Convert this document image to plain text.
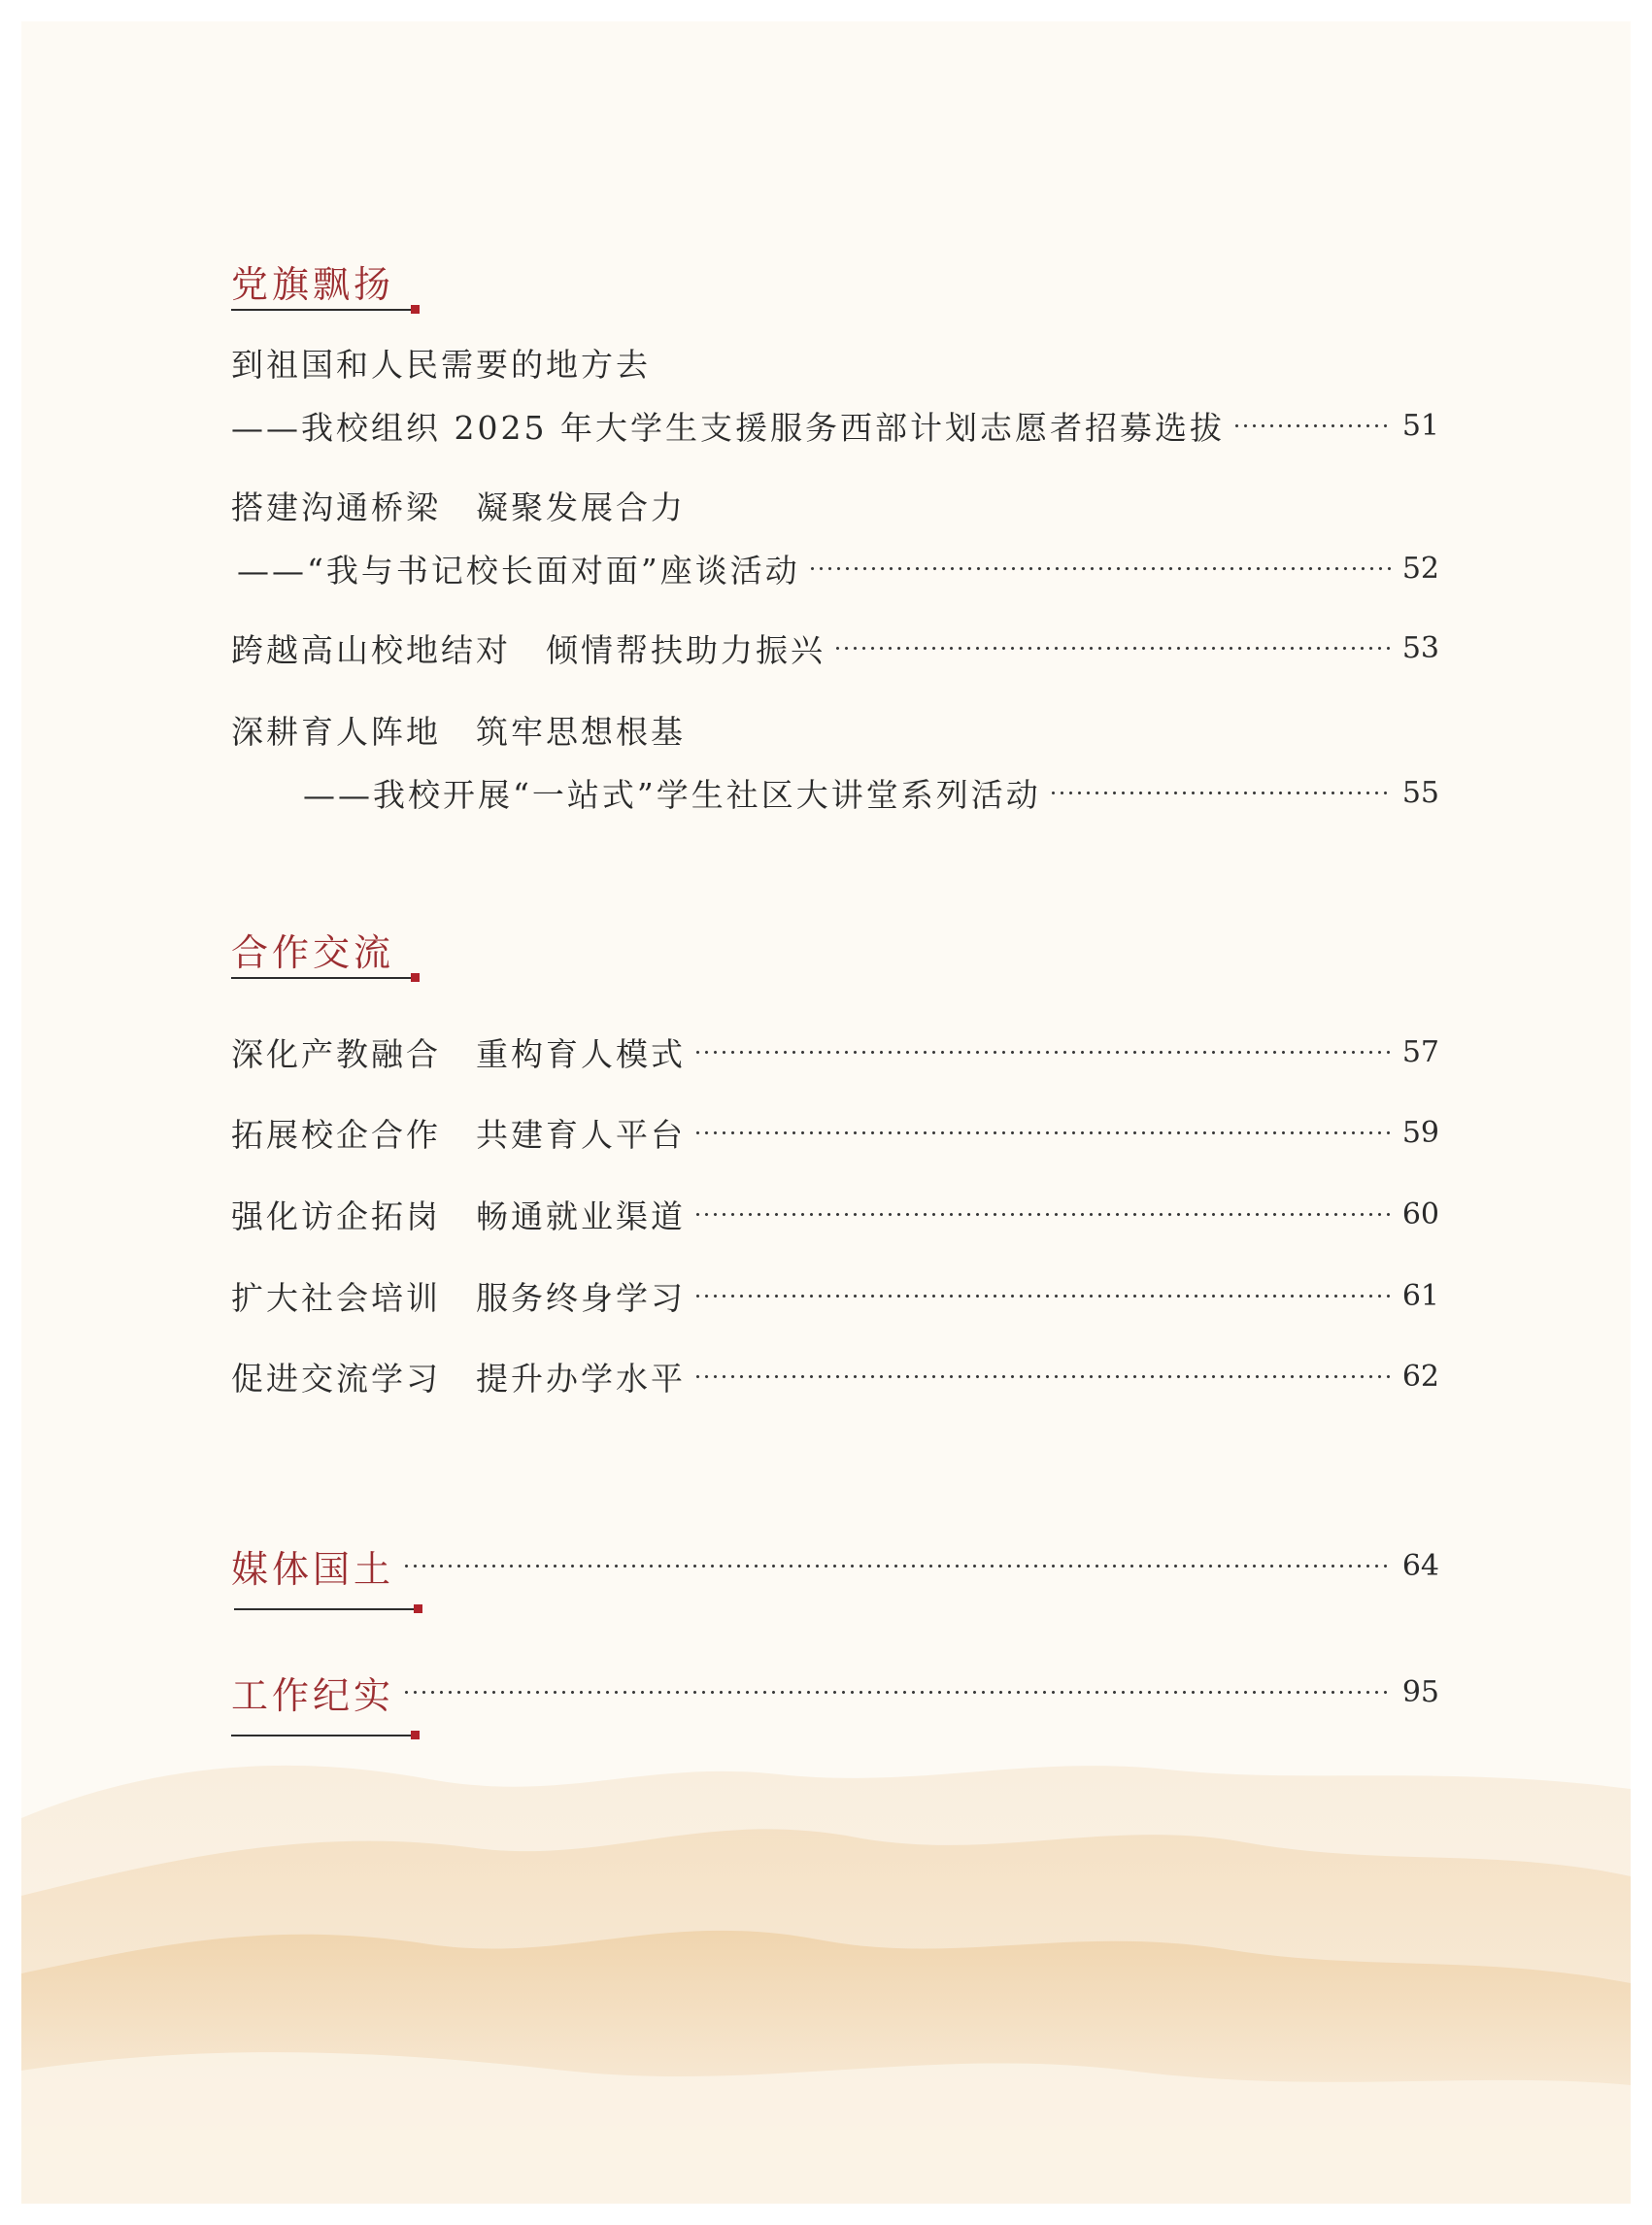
党旗飘扬
到祖国和人民需要的地方去
——我校组织 2025 年大学生支援服务西部计划志愿者招募选拔	51
搭建沟通桥梁　凝聚发展合力
——“我与书记校长面对面”座谈活动	52
跨越高山校地结对　倾情帮扶助力振兴	53
深耕育人阵地　筑牢思想根基
——我校开展“一站式”学生社区大讲堂系列活动	55
合作交流
深化产教融合　重构育人模式	57
拓展校企合作　共建育人平台	59
强化访企拓岗　畅通就业渠道	60
扩大社会培训　服务终身学习	61
促进交流学习　提升办学水平	62
媒体国土	64
工作纪实	95
